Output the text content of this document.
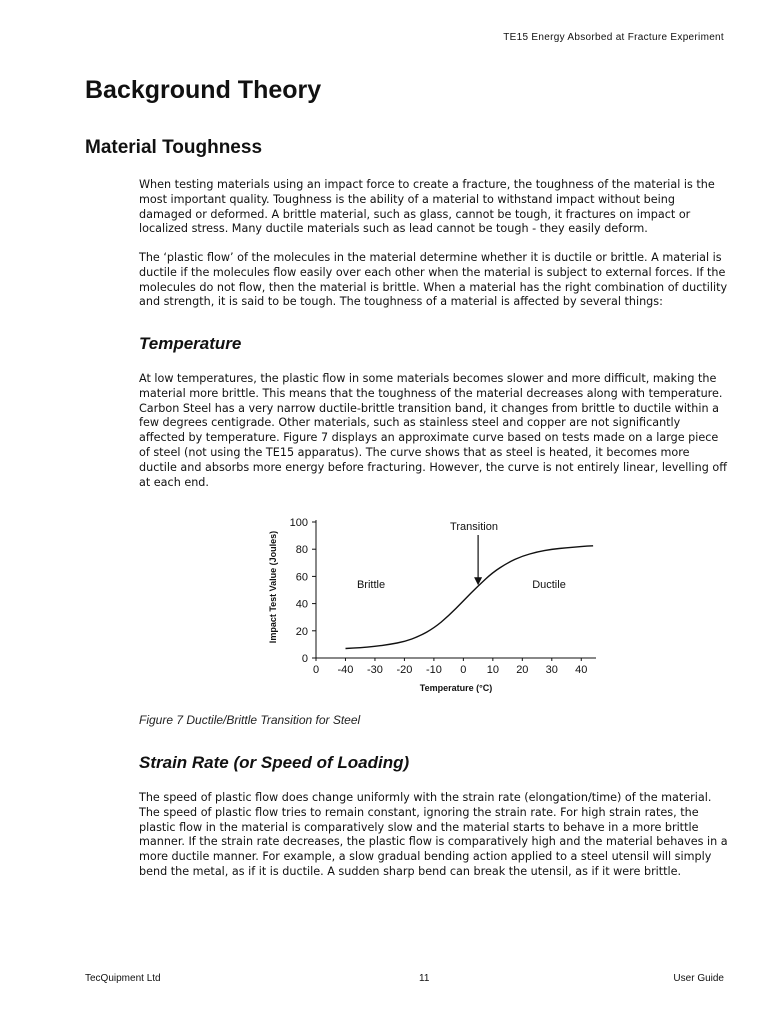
TE15 Energy Absorbed at Fracture Experiment
Background Theory
Material Toughness

When testing materials using an impact force to create a fracture, the toughness of the material is the most important quality. Toughness is the ability of a material to withstand impact without being damaged or deformed. A brittle material, such as glass, cannot be tough, it fractures on impact or localized stress. Many ductile materials such as lead cannot be tough - they easily deform.

The ‘plastic flow’ of the molecules in the material determine whether it is ductile or brittle. A material is ductile if the molecules flow easily over each other when the material is subject to external forces. If the molecules do not flow, then the material is brittle. When a material has the right combination of ductility and strength, it is said to be tough. The toughness of a material is affected by several things:

Temperature

At low temperatures, the plastic flow in some materials becomes slower and more difficult, making the material more brittle. This means that the toughness of the material decreases along with temperature. Carbon Steel has a very narrow ductile-brittle transition band, it changes from brittle to ductile within a few degrees centigrade. Other materials, such as stainless steel and copper are not significantly affected by temperature. Figure 7 displays an approximate curve based on tests made on a large piece of steel (not using the TE15 apparatus). The curve shows that as steel is heated, it becomes more ductile and absorbs more energy before fracturing. However, the curve is not entirely linear, levelling off at each end.

Impact Test Value (Joules)
Temperature (°C)
Transition
Brittle	Ductile
0
20
40
60
80
100
0 -40 -30 -20 -10 0 10 20 30 40

Figure 7 Ductile/Brittle Transition for Steel

Strain Rate (or Speed of Loading)

The speed of plastic flow does change uniformly with the strain rate (elongation/time) of the material. The speed of plastic flow tries to remain constant, ignoring the strain rate. For high strain rates, the plastic flow in the material is comparatively slow and the material starts to behave in a more brittle manner. If the strain rate decreases, the plastic flow is comparatively high and the material behaves in a more ductile manner. For example, a slow gradual bending action applied to a steel utensil will simply bend the metal, as if it is ductile. A sudden sharp bend can break the utensil, as if it were brittle.

TecQuipment Ltd	11	User Guide
